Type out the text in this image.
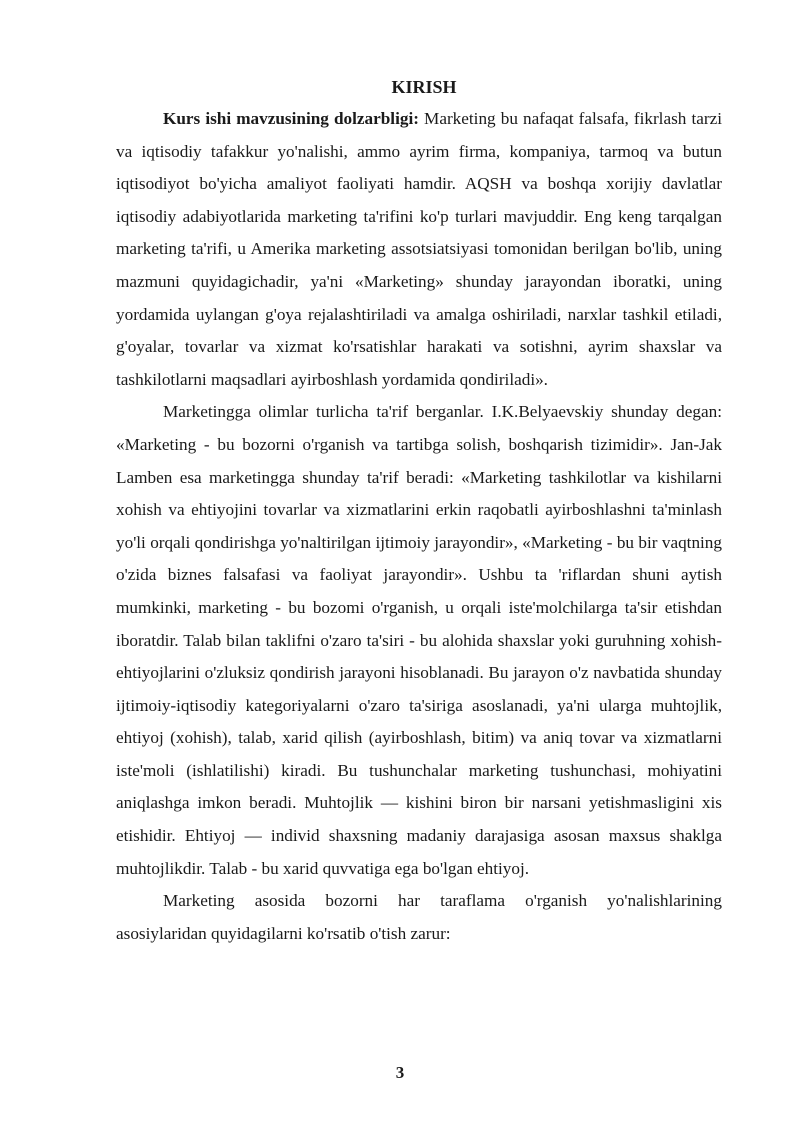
KIRISH

Kurs ishi mavzusining dolzarbligi: Marketing bu nafaqat falsafa, fikrlash tarzi va iqtisodiy tafakkur yo'nalishi, ammo ayrim firma, kompaniya, tarmoq va butun iqtisodiyot bo'yicha amaliyot faoliyati hamdir. AQSH va boshqa xorijiy davlatlar iqtisodiy adabiyotlarida marketing ta'rifini ko'p turlari mavjuddir. Eng keng tarqalgan marketing ta'rifi, u Amerika marketing assotsiatsiyasi tomonidan berilgan bo'lib, uning mazmuni quyidagichadir, ya'ni «Marketing» shunday jarayondan iboratki, uning yordamida uylangan g'oya rejalashtiriladi va amalga oshiriladi, narxlar tashkil etiladi, g'oyalar, tovarlar va xizmat ko'rsatishlar harakati va sotishni, ayrim shaxslar va tashkilotlarni maqsadlari ayirboshlash yordamida qondiriladi».

Marketingga olimlar turlicha ta'rif berganlar. I.K.Belyaevskiy shunday degan: «Marketing - bu bozorni o'rganish va tartibga solish, boshqarish tizimidir». Jan-Jak Lamben esa marketingga shunday ta'rif beradi: «Marketing tashkilotlar va kishilarni xohish va ehtiyojini tovarlar va xizmatlarini erkin raqobatli ayirboshlashni ta'minlash yo'li orqali qondirishga yo'naltirilgan ijtimoiy jarayondir», «Marketing - bu bir vaqtning o'zida biznes falsafasi va faoliyat jarayondir». Ushbu ta 'riflardan shuni aytish mumkinki, marketing - bu bozomi o'rganish, u orqali iste'molchilarga ta'sir etishdan iboratdir. Talab bilan taklifni o'zaro ta'siri - bu alohida shaxslar yoki guruhning xohish-ehtiyojlarini o'zluksiz qondirish jarayoni hisoblanadi. Bu jarayon o'z navbatida shunday ijtimoiy-iqtisodiy kategoriyalarni o'zaro ta'siriga asoslanadi, ya'ni ularga muhtojlik, ehtiyoj (xohish), talab, xarid qilish (ayirboshlash, bitim) va aniq tovar va xizmatlarni iste'moli (ishlatilishi) kiradi. Bu tushunchalar marketing tushunchasi, mohiyatini aniqlashga imkon beradi. Muhtojlik — kishini biron bir narsani yetishmasligini xis etishidir. Ehtiyoj — individ shaxsning madaniy darajasiga asosan maxsus shaklga muhtojlikdir. Talab - bu xarid quvvatiga ega bo'lgan ehtiyoj.

Marketing asosida bozorni har taraflama o'rganish yo'nalishlarining asosiylaridan quyidagilarni ko'rsatib o'tish zarur:

3
